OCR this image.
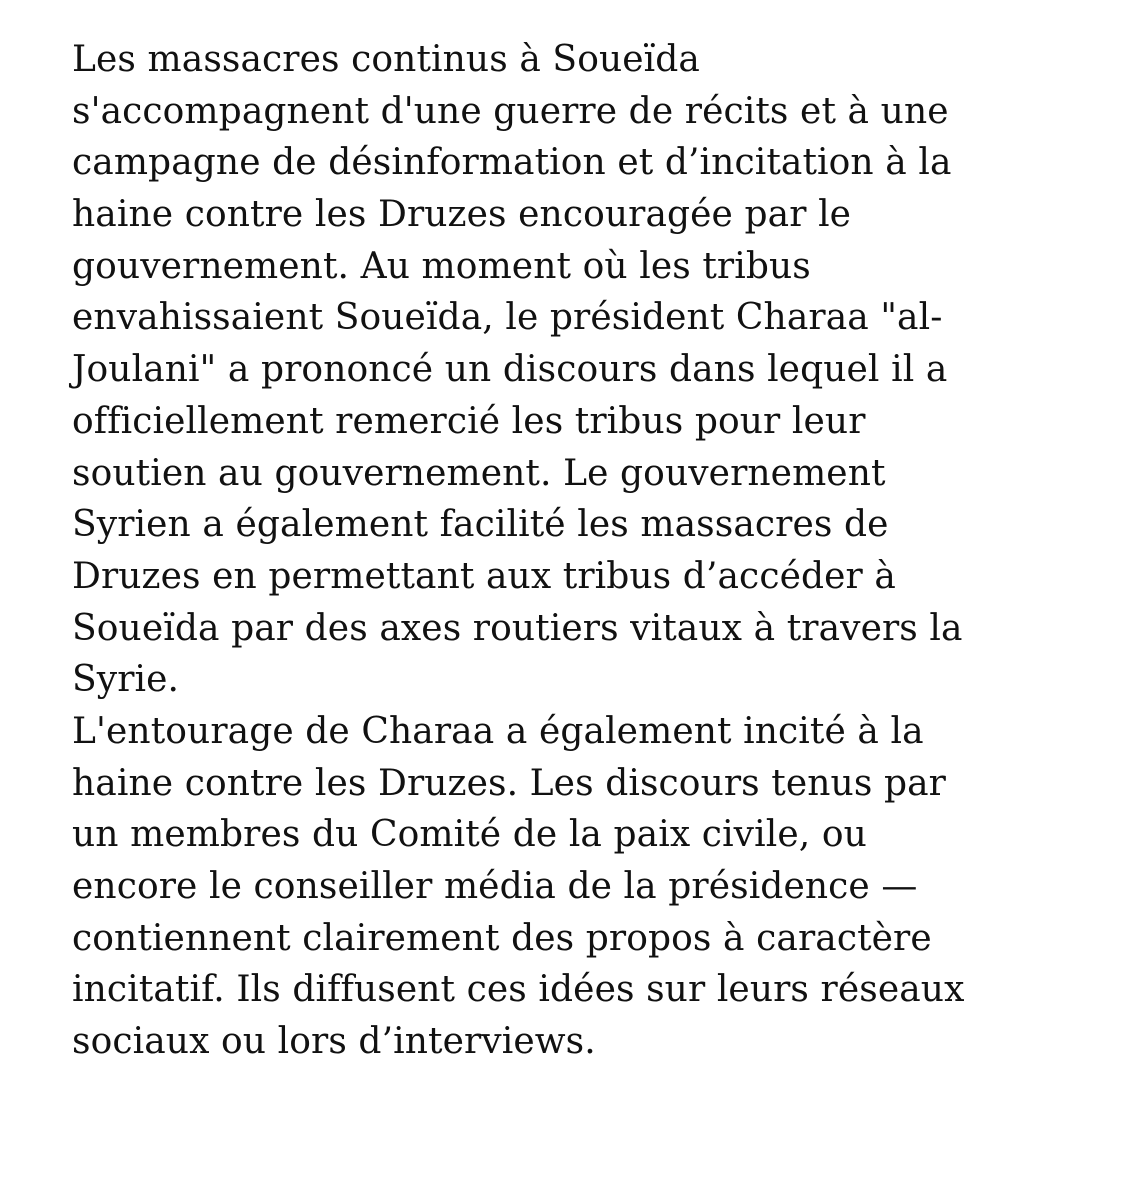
Les massacres continus à Soueïda
s'accompagnent d'une guerre de récits et à une
campagne de désinformation et d’incitation à la
haine contre les Druzes encouragée par le
gouvernement. Au moment où les tribus
envahissaient Soueïda, le président Charaa "al-
Joulani" a prononcé un discours dans lequel il a
officiellement remercié les tribus pour leur
soutien au gouvernement. Le gouvernement
Syrien a également facilité les massacres de
Druzes en permettant aux tribus d’accéder à
Soueïda par des axes routiers vitaux à travers la
Syrie.
L'entourage de Charaa a également incité à la
haine contre les Druzes. Les discours tenus par
un membres du Comité de la paix civile, ou
encore le conseiller média de la présidence —
contiennent clairement des propos à caractère
incitatif. Ils diffusent ces idées sur leurs réseaux
sociaux ou lors d’interviews.
